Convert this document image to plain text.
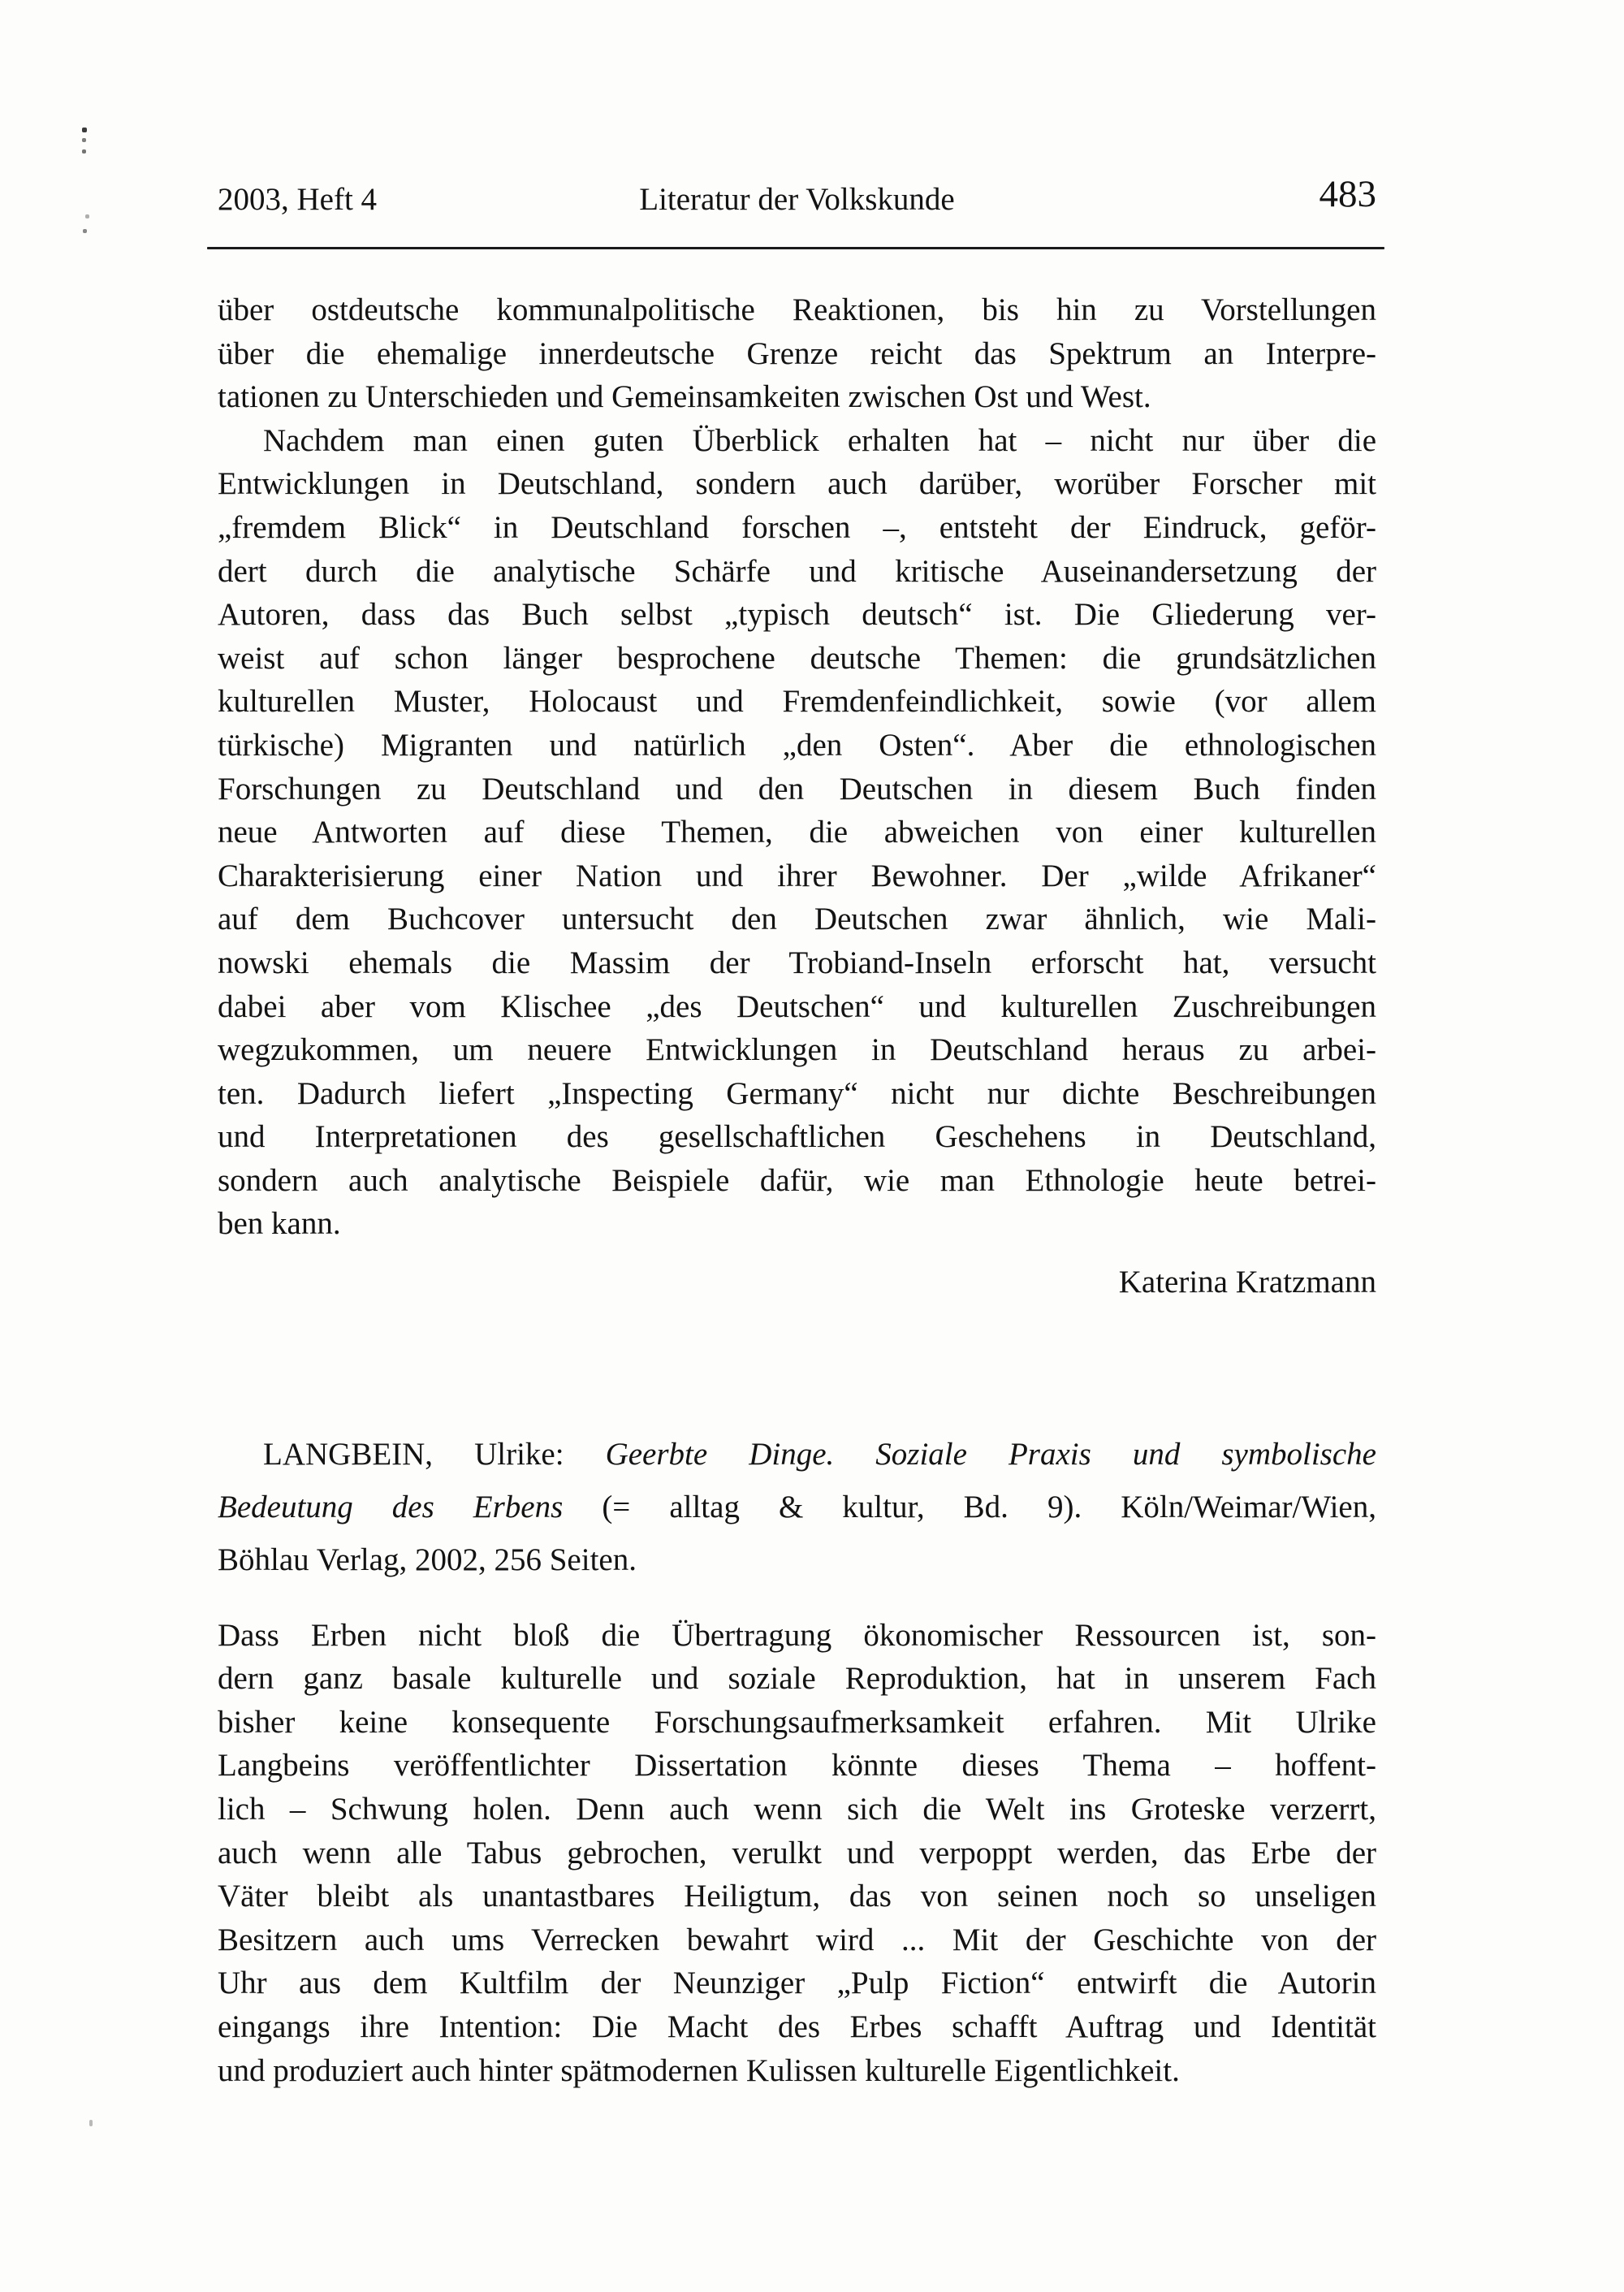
2003, Heft 4	Literatur der Volkskunde	483
über ostdeutsche kommunalpolitische Reaktionen, bis hin zu Vorstellungen
über die ehemalige innerdeutsche Grenze reicht das Spektrum an Interpre-
tationen zu Unterschieden und Gemeinsamkeiten zwischen Ost und West.
Nachdem man einen guten Überblick erhalten hat – nicht nur über die
Entwicklungen in Deutschland, sondern auch darüber, worüber Forscher mit
„fremdem Blick“ in Deutschland forschen –, entsteht der Eindruck, geför-
dert durch die analytische Schärfe und kritische Auseinandersetzung der
Autoren, dass das Buch selbst „typisch deutsch“ ist. Die Gliederung ver-
weist auf schon länger besprochene deutsche Themen: die grundsätzlichen
kulturellen Muster, Holocaust und Fremdenfeindlichkeit, sowie (vor allem
türkische) Migranten und natürlich „den Osten“. Aber die ethnologischen
Forschungen zu Deutschland und den Deutschen in diesem Buch finden
neue Antworten auf diese Themen, die abweichen von einer kulturellen
Charakterisierung einer Nation und ihrer Bewohner. Der „wilde Afrikaner“
auf dem Buchcover untersucht den Deutschen zwar ähnlich, wie Mali-
nowski ehemals die Massim der Trobiand-Inseln erforscht hat, versucht
dabei aber vom Klischee „des Deutschen“ und kulturellen Zuschreibungen
wegzukommen, um neuere Entwicklungen in Deutschland heraus zu arbei-
ten. Dadurch liefert „Inspecting Germany“ nicht nur dichte Beschreibungen
und Interpretationen des gesellschaftlichen Geschehens in Deutschland,
sondern auch analytische Beispiele dafür, wie man Ethnologie heute betrei-
ben kann.
Katerina Kratzmann
LANGBEIN, Ulrike: Geerbte Dinge. Soziale Praxis und symbolische
Bedeutung des Erbens (= alltag & kultur, Bd. 9). Köln/Weimar/Wien,
Böhlau Verlag, 2002, 256 Seiten.
Dass Erben nicht bloß die Übertragung ökonomischer Ressourcen ist, son-
dern ganz basale kulturelle und soziale Reproduktion, hat in unserem Fach
bisher keine konsequente Forschungsaufmerksamkeit erfahren. Mit Ulrike
Langbeins veröffentlichter Dissertation könnte dieses Thema – hoffent-
lich – Schwung holen. Denn auch wenn sich die Welt ins Groteske verzerrt,
auch wenn alle Tabus gebrochen, verulkt und verpoppt werden, das Erbe der
Väter bleibt als unantastbares Heiligtum, das von seinen noch so unseligen
Besitzern auch ums Verrecken bewahrt wird ... Mit der Geschichte von der
Uhr aus dem Kultfilm der Neunziger „Pulp Fiction“ entwirft die Autorin
eingangs ihre Intention: Die Macht des Erbes schafft Auftrag und Identität
und produziert auch hinter spätmodernen Kulissen kulturelle Eigentlichkeit.
